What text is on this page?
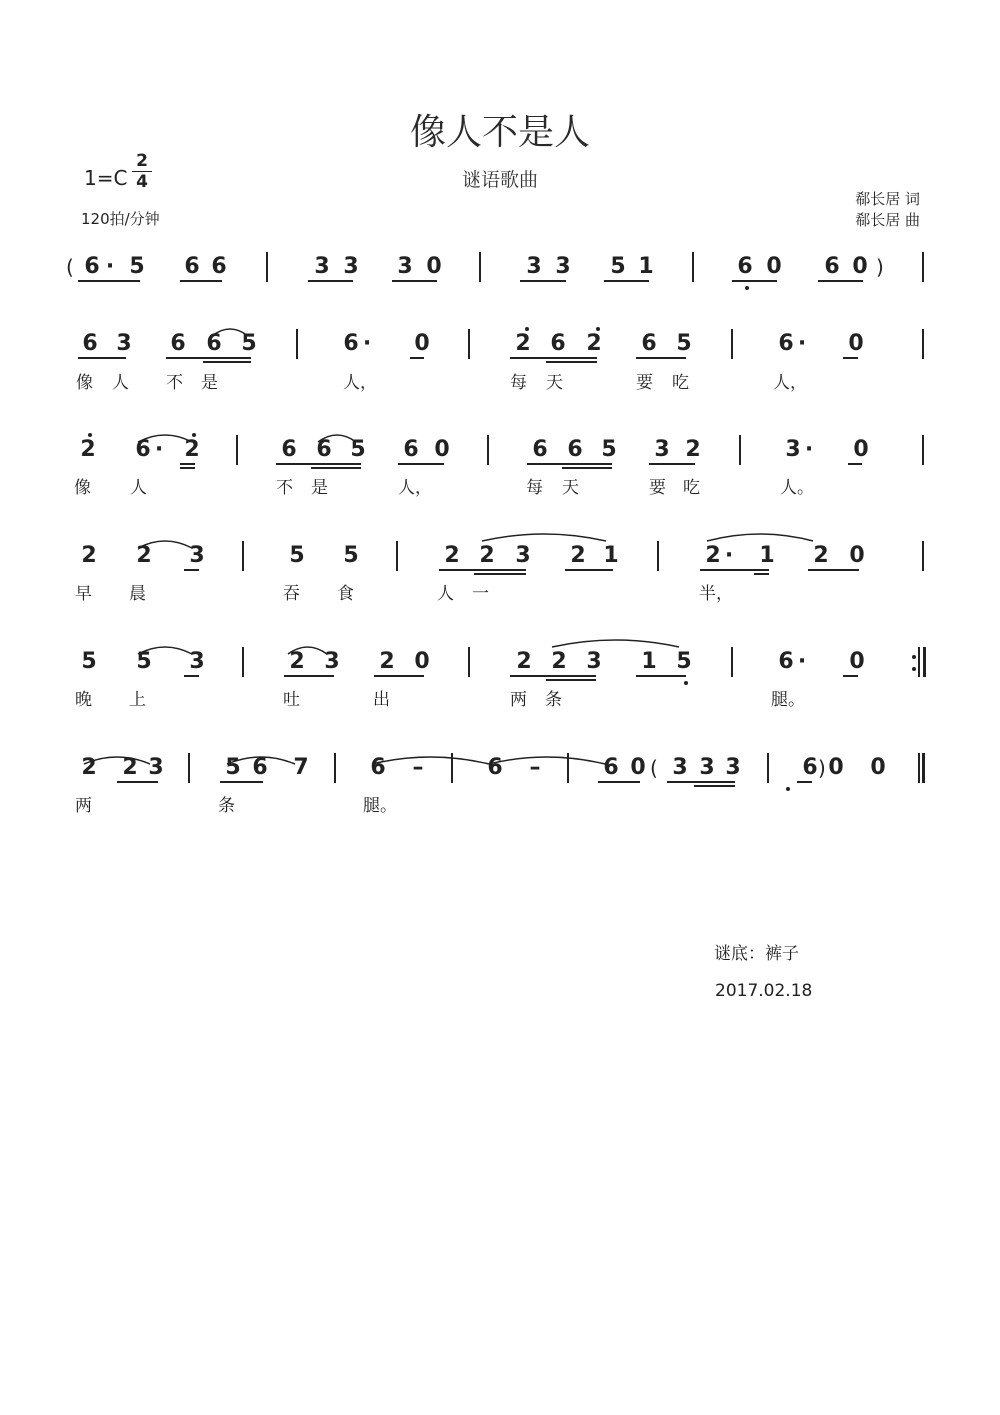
像人不是人
谜语歌曲
1=C
2
4
120拍/分钟
郗长居 词
郗长居 曲
6 · 5 6 6	3 3 3 0	3 3 5 1	6 0 6 0
(	)
6 3 6 6 5	6 · 0	2 6 2 6 5	6 · 0
像 人 不 是	人，	每 天	要 吃	人，
2 6 · 2	6 6 5 6 0	6 6 5 3 2	3 · 0
像 人	不 是	人，	每 天	要 吃	人。
2 2 3	5 5	2 2 3 2 1	2 · 1 2 0
早 晨	吞 食	人 一	半，
5 5 3	2 3 2 0	2 2 3 1 5	6 · 0
晚 上	吐	出	两 条	腿。
2 2 3	5 6 7	6 –	6 –	6 0 3 3 3	6 0 0
(	)
两	条	腿。
谜底：裤子
2017.02.18
